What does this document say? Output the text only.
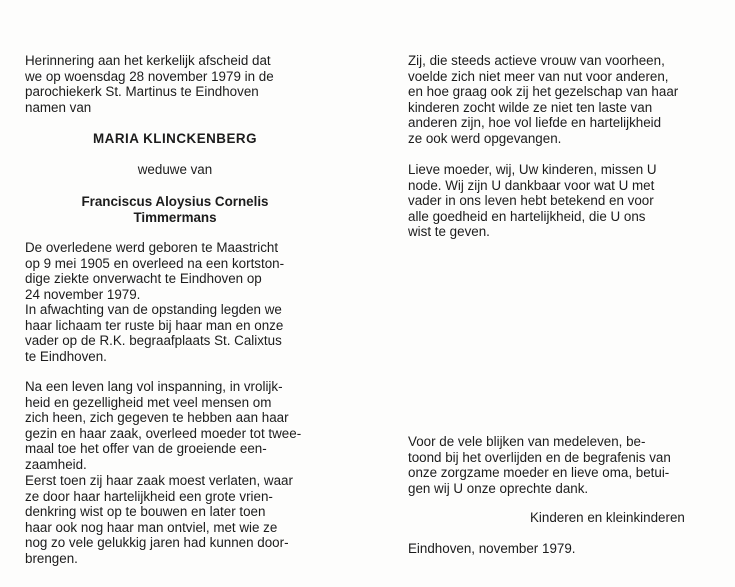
Herinnering aan het kerkelijk afscheid dat
we op woensdag 28 november 1979 in de
parochiekerk St. Martinus te Eindhoven
namen van

MARIA KLINCKENBERG

weduwe van

Franciscus Aloysius Cornelis

Timmermans

De overledene werd geboren te Maastricht
op 9 mei 1905 en overleed na een kortston-
dige ziekte onverwacht te Eindhoven op
24 november 1979.

In afwachting van de opstanding legden we
haar lichaam ter ruste bij haar man en onze
vader op de R.K. begraafplaats St. Calixtus
te Eindhoven.

Na een leven lang vol inspanning, in vrolijk-
heid en gezelligheid met veel mensen om
zich heen, zich gegeven te hebben aan haar
gezin en haar zaak, overleed moeder tot twee-
maal toe het offer van de groeiende een-
zaamheid.

Eerst toen zij haar zaak moest verlaten, waar
ze door haar hartelijkheid een grote vrien-
denkring wist op te bouwen en later toen
haar ook nog haar man ontviel, met wie ze
nog zo vele gelukkig jaren had kunnen door-
brengen.

Zij, die steeds actieve vrouw van voorheen,
voelde zich niet meer van nut voor anderen,
en hoe graag ook zij het gezelschap van haar
kinderen zocht wilde ze niet ten laste van
anderen zijn, hoe vol liefde en hartelijkheid
ze ook werd opgevangen.

Lieve moeder, wij, Uw kinderen, missen U
node. Wij zijn U dankbaar voor wat U met
vader in ons leven hebt betekend en voor
alle goedheid en hartelijkheid, die U ons
wist te geven.

Voor de vele blijken van medeleven, be-
toond bij het overlijden en de begrafenis van
onze zorgzame moeder en lieve oma, betui-
gen wij U onze oprechte dank.

Kinderen en kleinkinderen

Eindhoven, november 1979.
